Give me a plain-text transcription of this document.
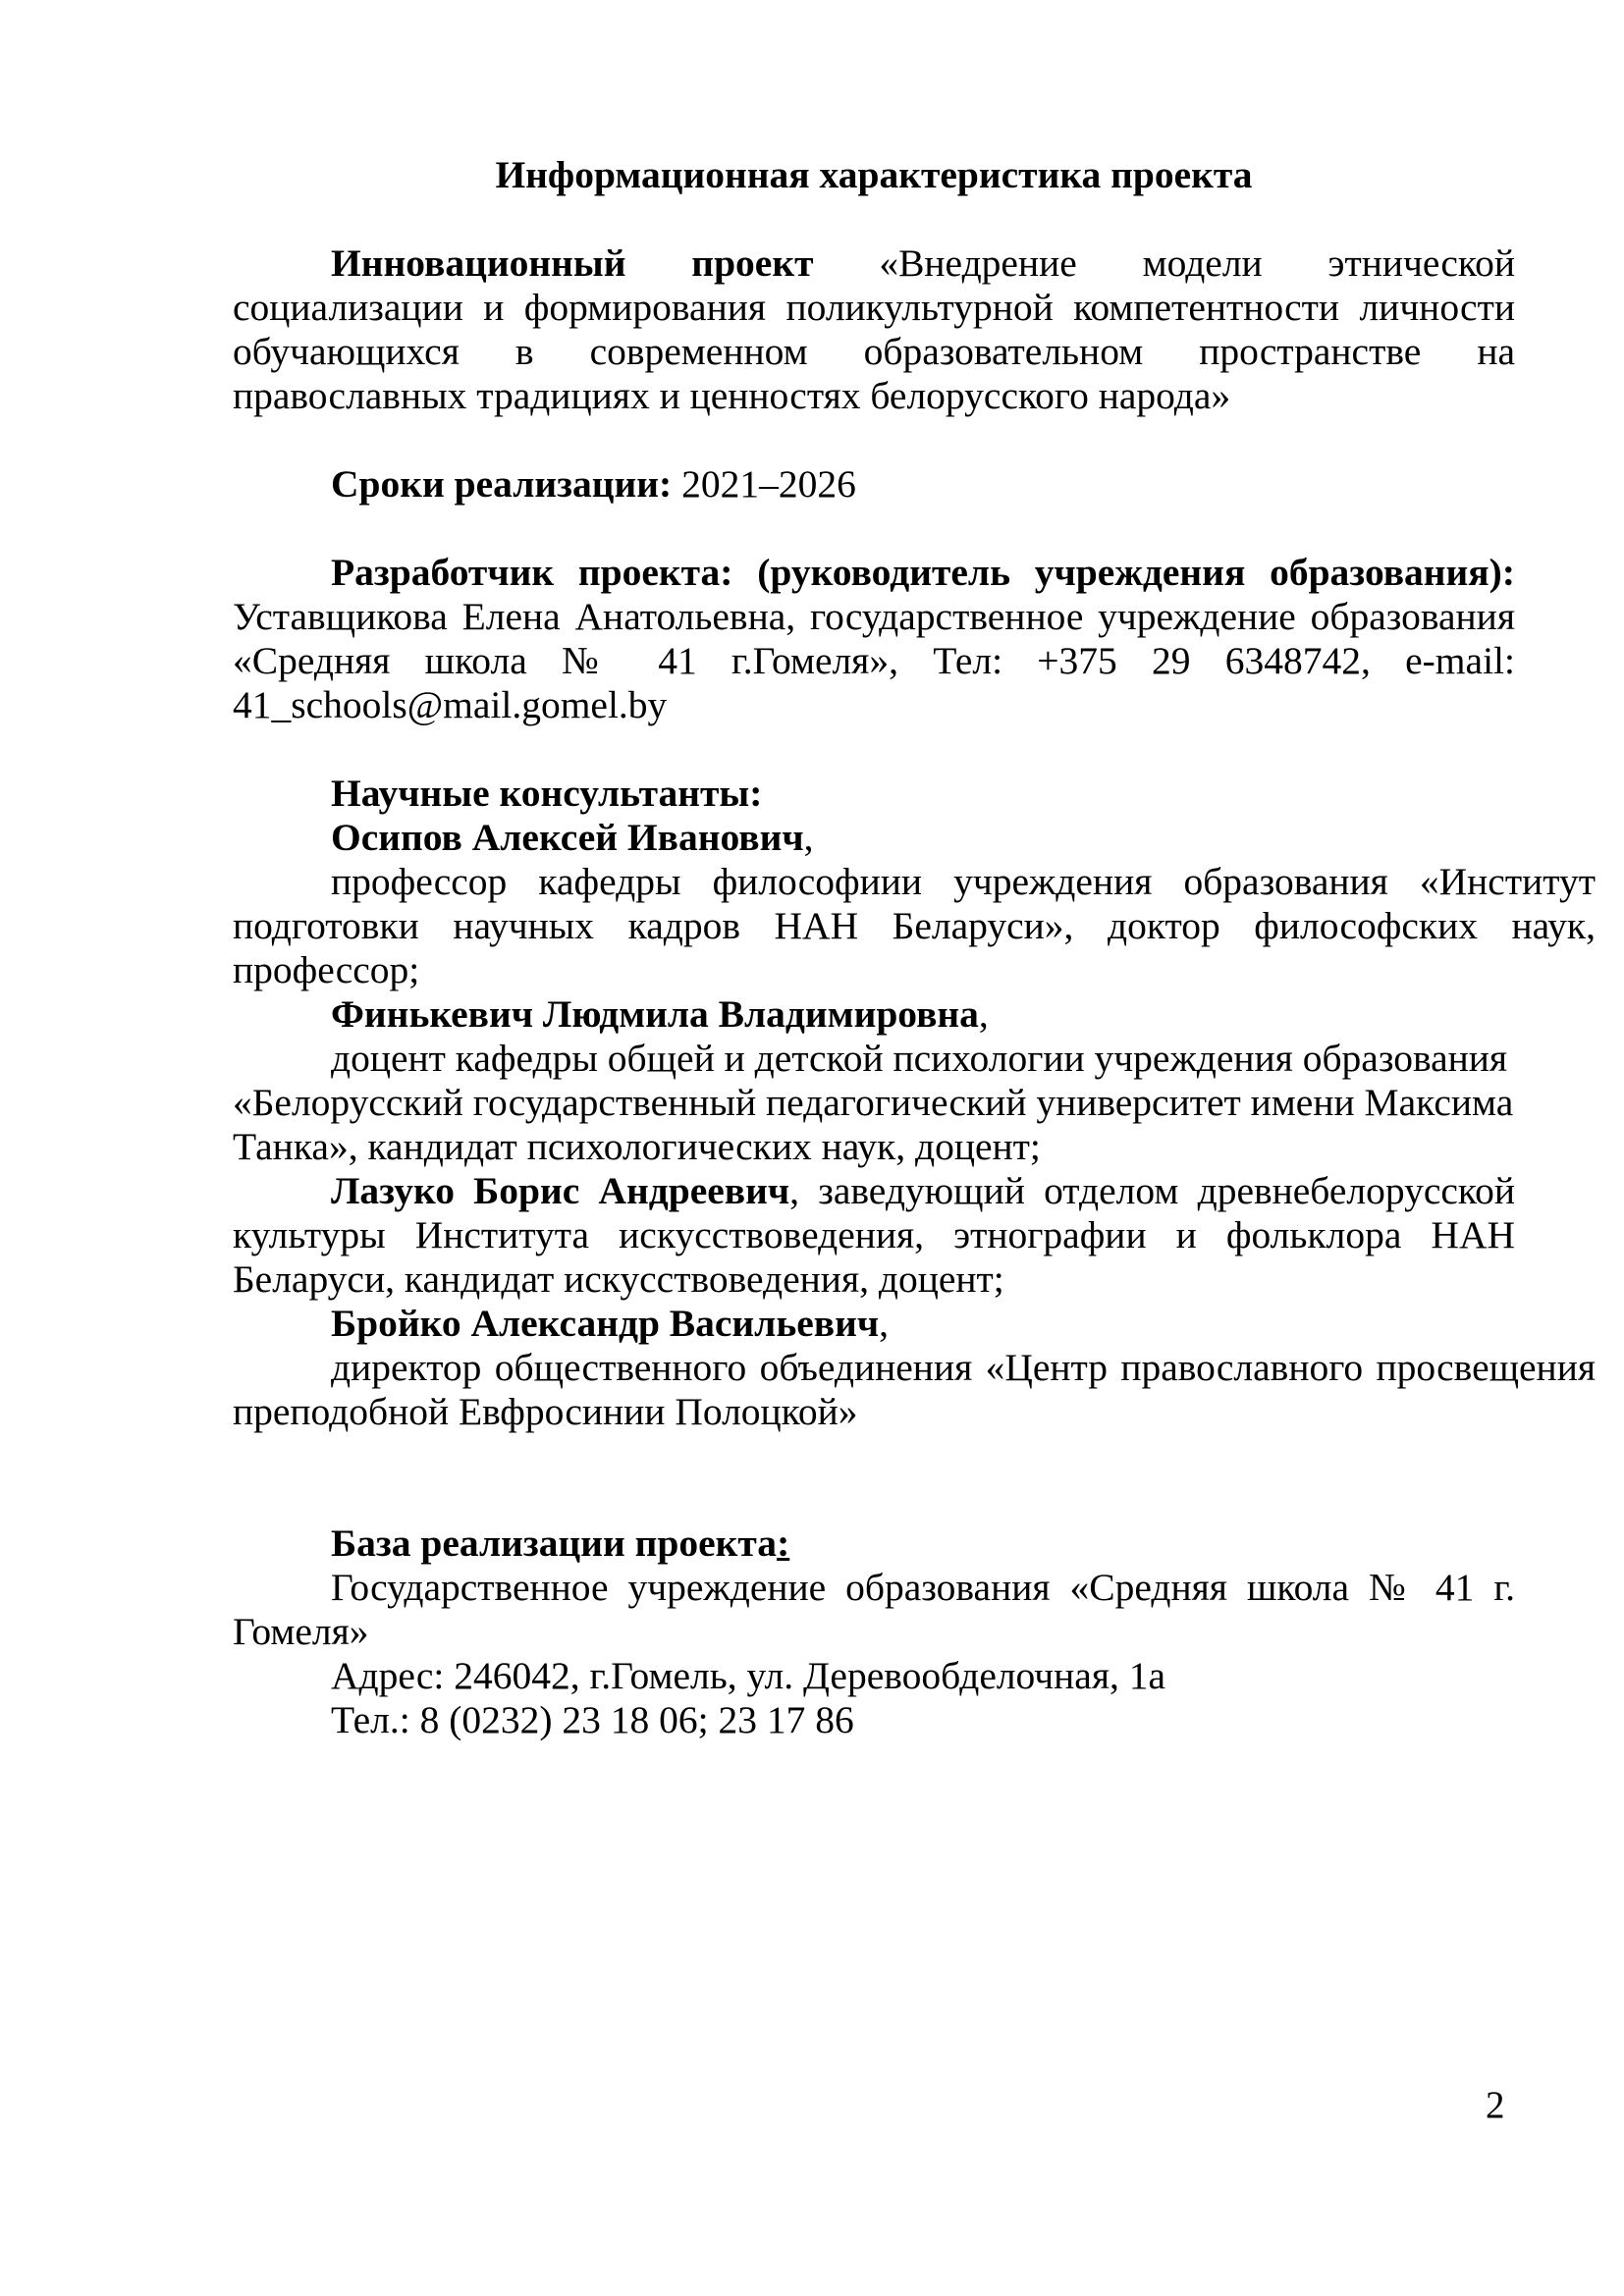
Информационная характеристика проекта

Инновационный проект «Внедрение модели этнической социализации и формирования поликультурной компетентности личности обучающихся в современном образовательном пространстве на православных традициях и ценностях белорусского народа»

Сроки реализации: 2021–2026

Разработчик проекта: (руководитель учреждения образования): Уставщикова Елена Анатольевна, государственное учреждение образования «Средняя школа № 41 г.Гомеля», Тел: +375 29 6348742, e-mail: 41_schools@mail.gomel.by

Научные консультанты:

Осипов Алексей Иванович,

профессор кафедры философиии учреждения образования «Институт подготовки научных кадров НАН Беларуси», доктор философских наук, профессор;

Финькевич Людмила Владимировна,

доцент кафедры общей и детской психологии учреждения образования «Белорусский государственный педагогический университет имени Максима Танка», кандидат психологических наук, доцент;

Лазуко Борис Андреевич, заведующий отделом древнебелорусской культуры Института искусствоведения, этнографии и фольклора НАН Беларуси, кандидат искусствоведения, доцент;

Бройко Александр Васильевич,

директор общественного объединения «Центр православного просвещения преподобной Евфросинии Полоцкой»

База реализации проекта:

Государственное учреждение образования «Средняя школа № 41 г. Гомеля»

Адрес: 246042, г.Гомель, ул. Деревообделочная, 1а

Тел.: 8 (0232) 23 18 06; 23 17 86

2
